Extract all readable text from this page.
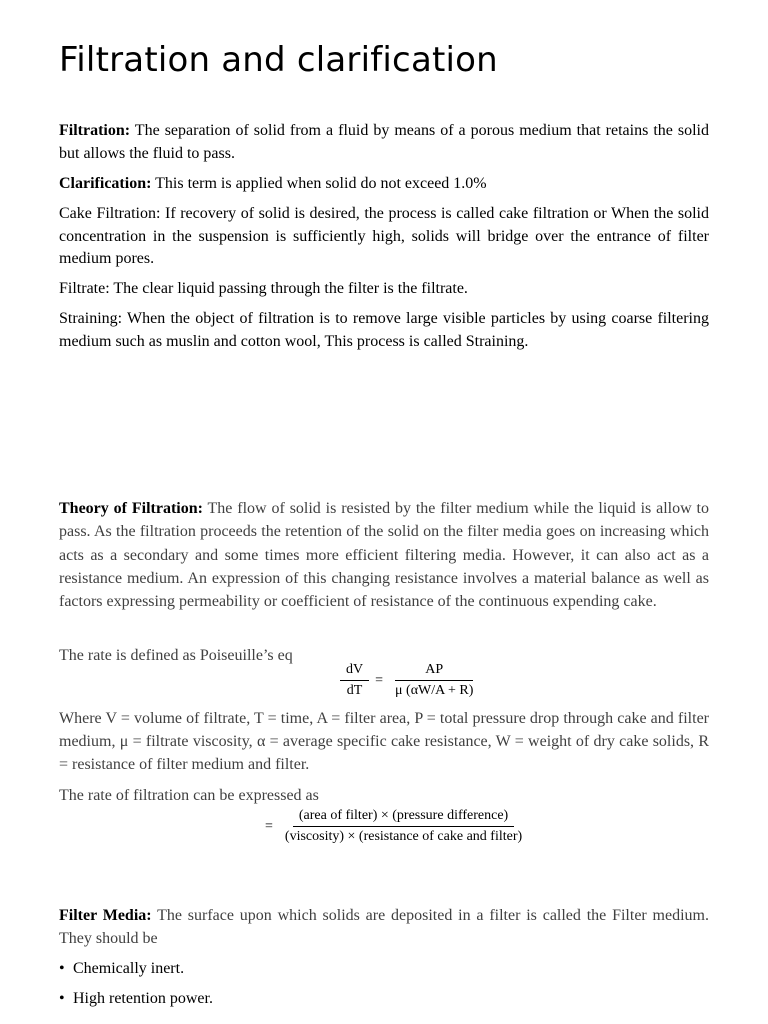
Filtration and clarification

Filtration: The separation of solid from a fluid by means of a porous medium that retains the solid but allows the fluid to pass.

Clarification: This term is applied when solid do not exceed 1.0%

Cake Filtration: If recovery of solid is desired, the process is called cake filtration or When the solid concentration in the suspension is sufficiently high, solids will bridge over the entrance of filter medium pores.

Filtrate: The clear liquid passing through the filter is the filtrate.

Straining: When the object of filtration is to remove large visible particles by using coarse filtering medium such as muslin and cotton wool, This process is called Straining.

Theory of Filtration: The flow of solid is resisted by the filter medium while the liquid is allow to pass. As the filtration proceeds the retention of the solid on the filter media goes on increasing which acts as a secondary and some times more efficient filtering media. However, it can also act as a resistance medium. An expression of this changing resistance involves a material balance as well as factors expressing permeability or coefficient of resistance of the continuous expending cake.

The rate is defined as Poiseuille’s eq

$\frac{dV}{dT} = \frac{AP}{\mu (\alpha W/A + R)}$

Where V = volume of filtrate, T = time, A = filter area, P = total pressure drop through cake and filter medium, μ = filtrate viscosity, α = average specific cake resistance, W = weight of dry cake solids, R = resistance of filter medium and filter.

The rate of filtration can be expressed as

= $\frac{\text{(area of filter) × (pressure difference)}}{\text{(viscosity) × (resistance of cake and filter)}}$

Filter Media: The surface upon which solids are deposited in a filter is called the Filter medium. They should be

• Chemically inert.
• High retention power.
